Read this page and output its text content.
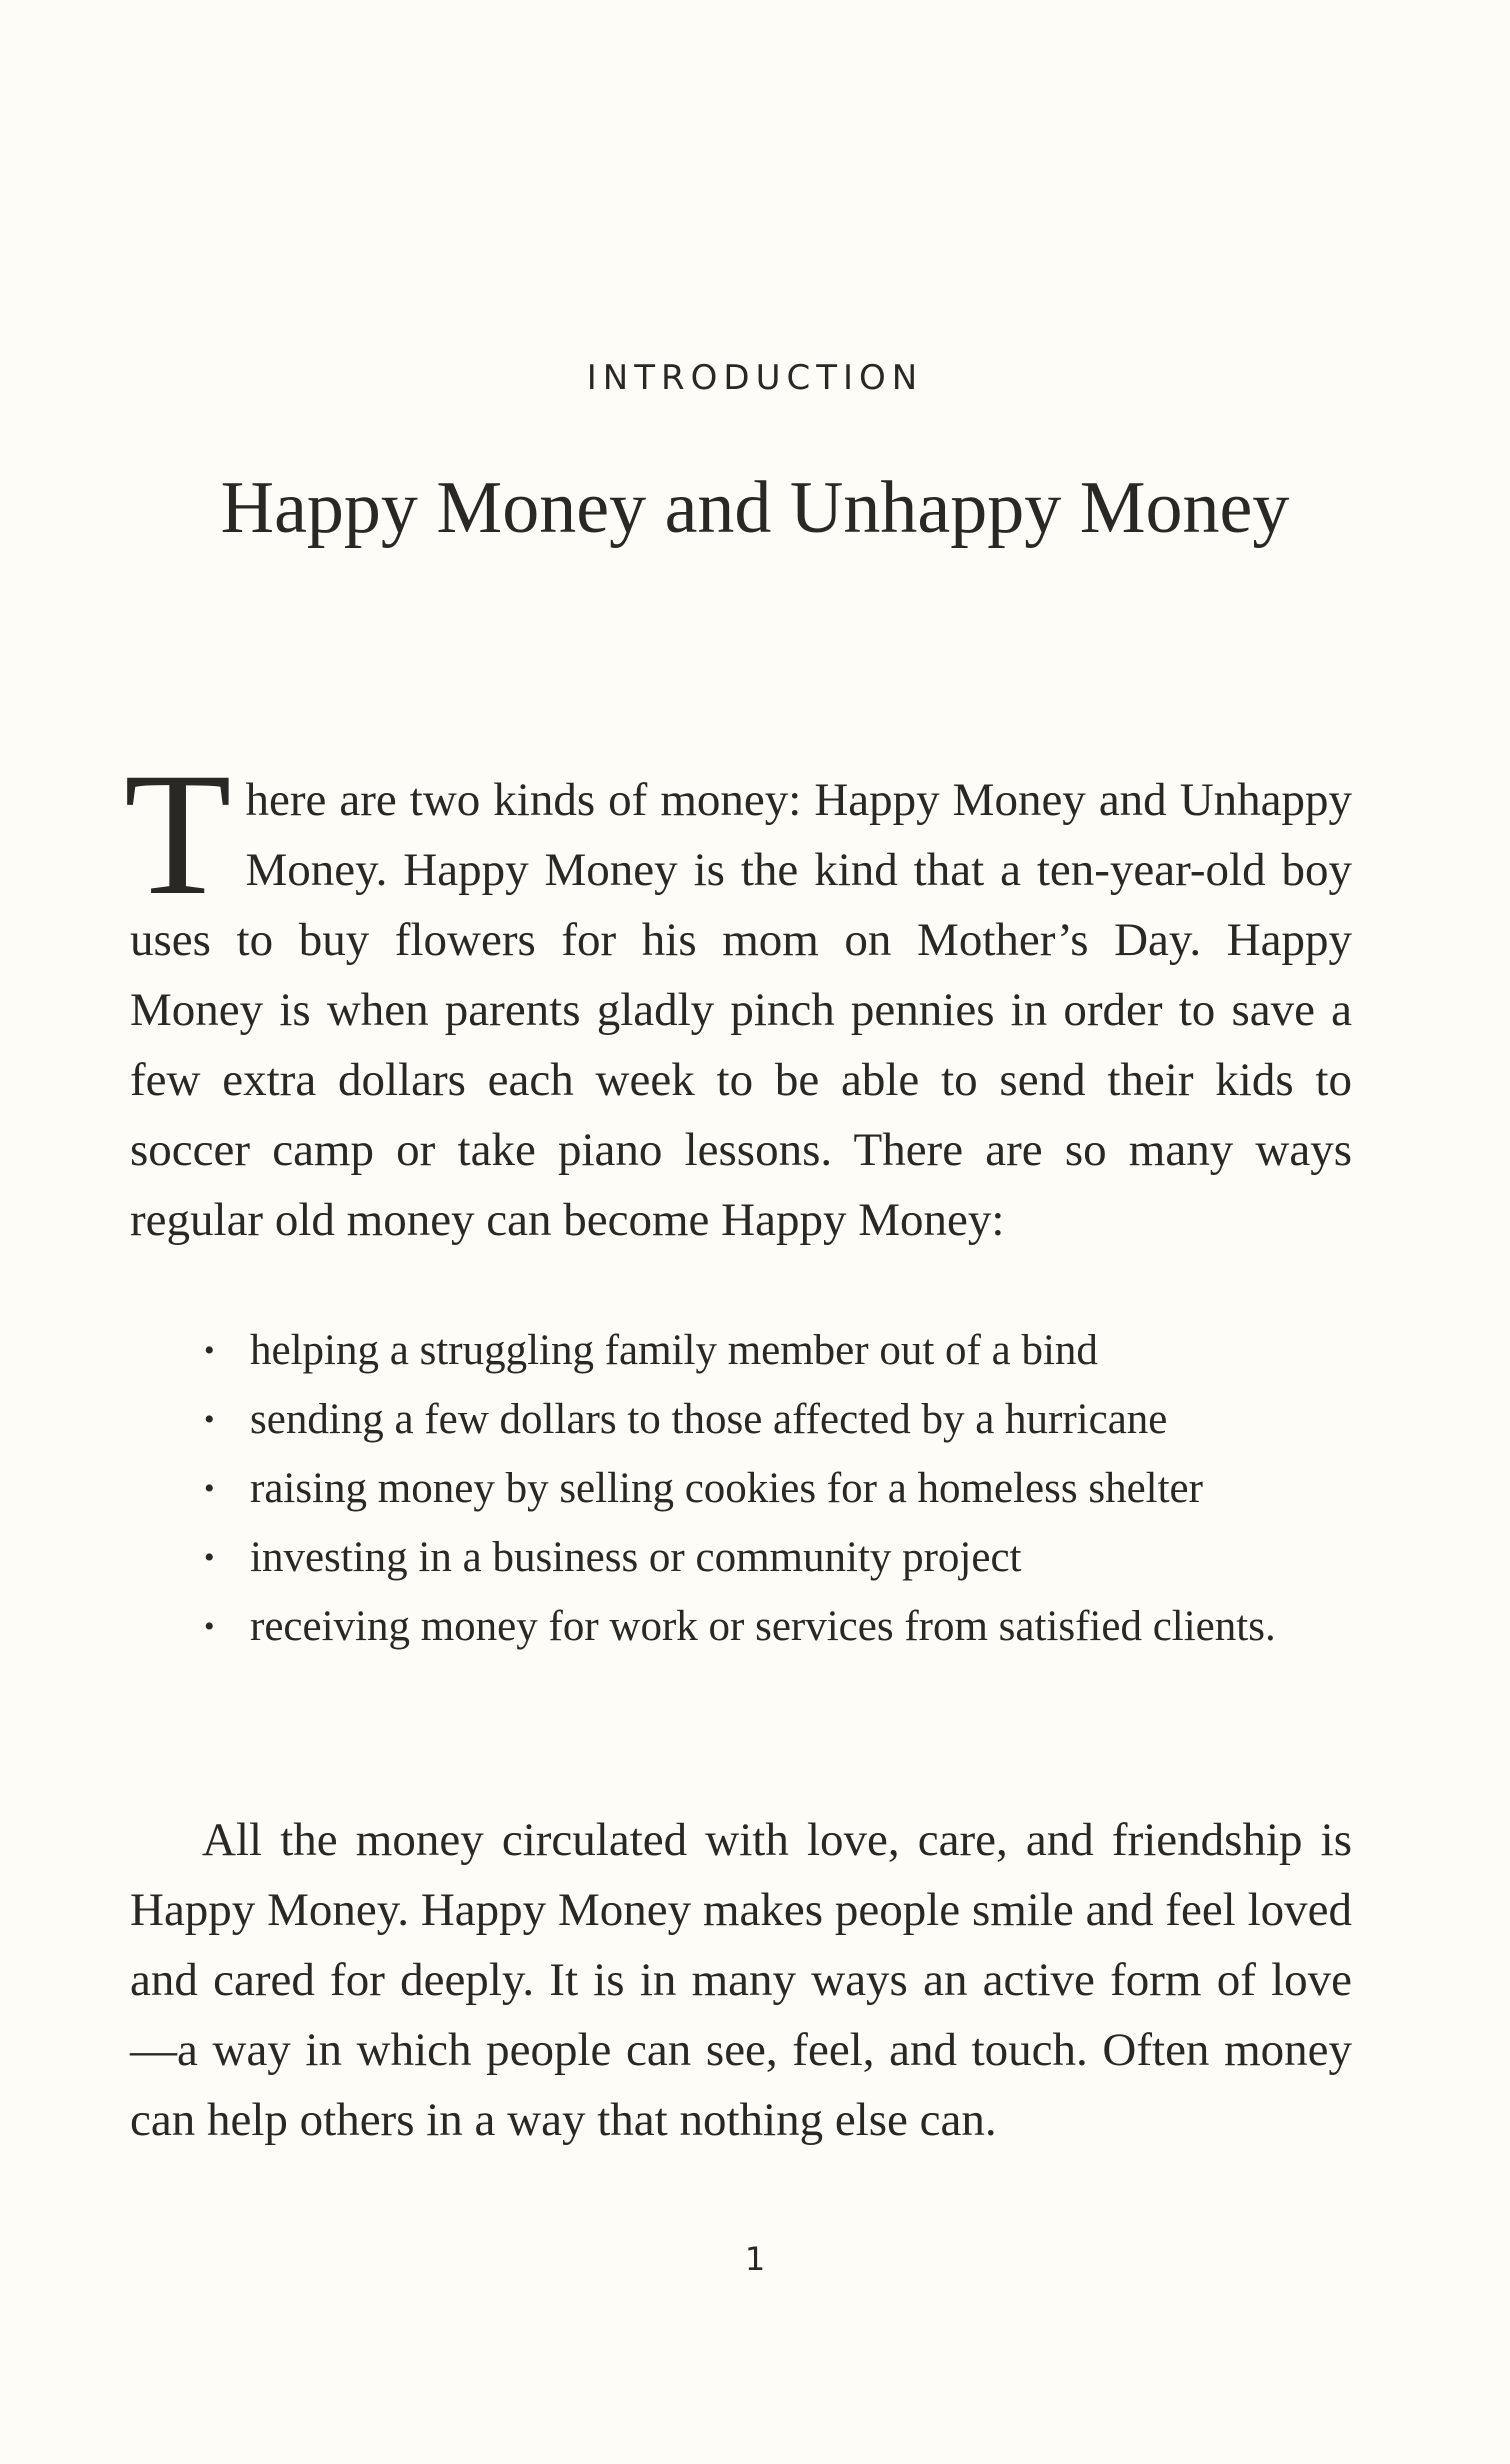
INTRODUCTION
Happy Money and Unhappy Money

There are two kinds of money: Happy Money and Unhappy Money. Happy Money is the kind that a ten-year-old boy uses to buy flowers for his mom on Mother’s Day. Happy Money is when parents gladly pinch pennies in order to save a few extra dollars each week to be able to send their kids to soccer camp or take piano lessons. There are so many ways regular old money can become Happy Money:

• helping a struggling family member out of a bind
• sending a few dollars to those affected by a hurricane
• raising money by selling cookies for a homeless shelter
• investing in a business or community project
• receiving money for work or services from satisfied clients.

All the money circulated with love, care, and friendship is Happy Money. Happy Money makes people smile and feel loved and cared for deeply. It is in many ways an active form of love—a way in which people can see, feel, and touch. Often money can help others in a way that nothing else can.

1
